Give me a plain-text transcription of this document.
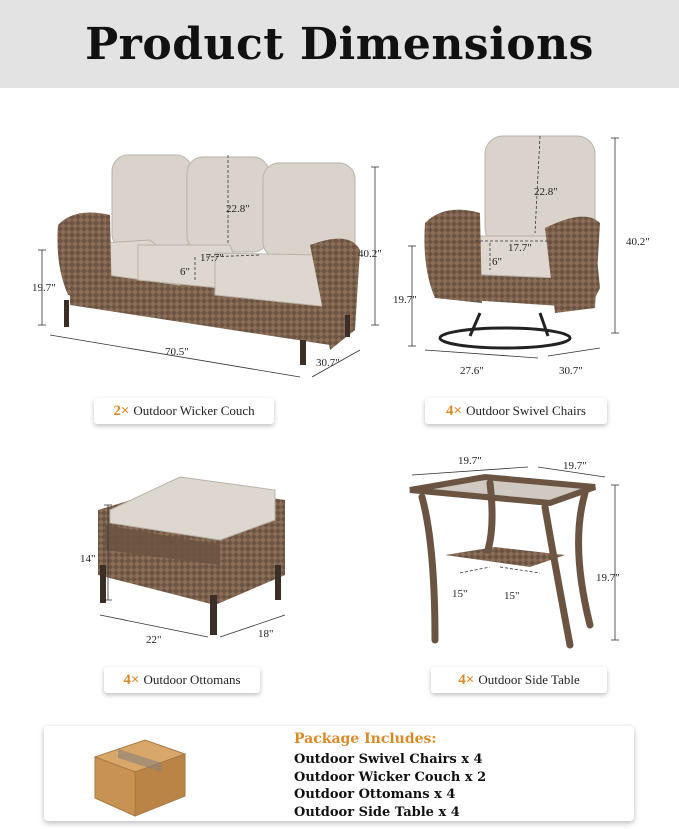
Product Dimensions
22.8"
17.7"
6"
19.7"
40.2"
70.5"
30.7"
2× Outdoor Wicker Couch
22.8"
17.7"
6"
19.7"
40.2"
27.6"	30.7"
4× Outdoor Swivel Chairs
14"
22"	18"
4× Outdoor Ottomans
19.7"	19.7"
19.7"
15"	15"
4× Outdoor Side Table
Package Includes:
Outdoor Swivel Chairs x 4
Outdoor Wicker Couch x 2
Outdoor Ottomans x 4
Outdoor Side Table x 4
